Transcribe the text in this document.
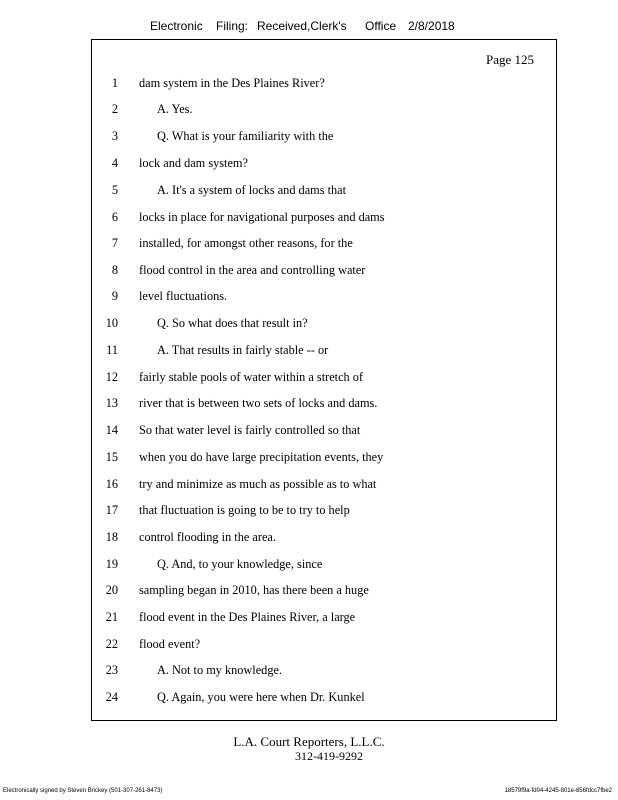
Electronic Filing: Received,Clerk's Office 2/8/2018
Page 125
1 dam system in the Des Plaines River?
2	A. Yes.
3	Q. What is your familiarity with the
4 lock and dam system?
5	A. It's a system of locks and dams that
6 locks in place for navigational purposes and dams
7 installed, for amongst other reasons, for the
8 flood control in the area and controlling water
9 level fluctuations.
10	Q. So what does that result in?
11	A. That results in fairly stable -- or
12 fairly stable pools of water within a stretch of
13 river that is between two sets of locks and dams.
14 So that water level is fairly controlled so that
15 when you do have large precipitation events, they
16 try and minimize as much as possible as to what
17 that fluctuation is going to be to try to help
18 control flooding in the area.
19	Q. And, to your knowledge, since
20 sampling began in 2010, has there been a huge
21 flood event in the Des Plaines River, a large
22 flood event?
23	A. Not to my knowledge.
24	Q. Again, you were here when Dr. Kunkel
L.A. Court Reporters, L.L.C.
312-419-9292
Electronically signed by Steven Brickey (501-307-261-8473)	18579f9a-fd04-4245-801e-856fdcc7fbe2
